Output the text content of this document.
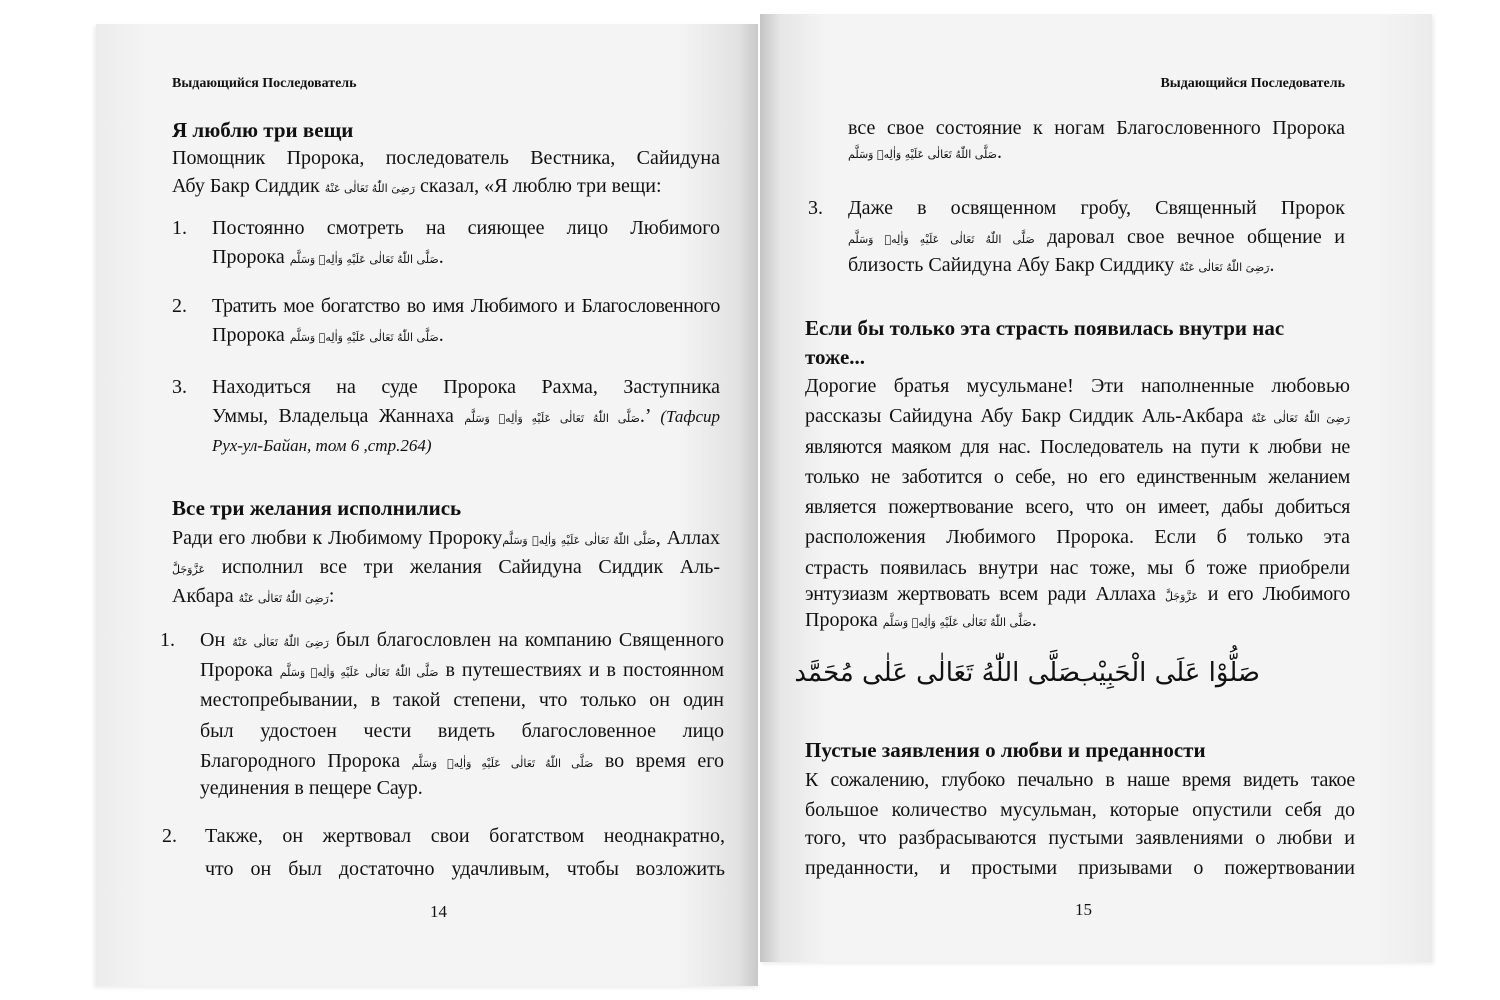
Выдающийся Последователь
Я люблю три вещи
Помощник Пророка, последователь Вестника, Сайидуна
Абу Бакр Сиддик رَضِىَ اللّٰهُ تَعَالٰى عَنْهُ сказал, «Я люблю три вещи:
1. Постоянно смотреть на сияющее лицо Любимого
Пророка صَلَّى اللّٰهُ تَعَالٰى عَلَيْهِ وَاٰلِهٖ وَسَلَّم.
2. Тратить мое богатство во имя Любимого и Благословенного
Пророка صَلَّى اللّٰهُ تَعَالٰى عَلَيْهِ وَاٰلِهٖ وَسَلَّم.
3. Находиться на суде Пророка Рахма, Заступника
Уммы, Владельца Жаннаха صَلَّى اللّٰهُ تَعَالٰى عَلَيْهِ وَاٰلِهٖ وَسَلَّم.’ (Тафсир
Рух-ул-Байан, том 6 ,стр.264)
Все три желания исполнились
Ради его любви к Любимому Пророкуصَلَّى اللّٰهُ تَعَالٰى عَلَيْهِ وَاٰلِهٖ وَسَلَّم, Аллах
عَزَّوَجَلَّ исполнил все три желания Сайидуна Сиддик Аль-
Акбара رَضِىَ اللّٰهُ تَعَالٰى عَنْهُ:
1. Он رَضِىَ اللّٰهُ تَعَالٰى عَنْهُ был благословлен на компанию Священного
Пророка صَلَّى اللّٰهُ تَعَالٰى عَلَيْهِ وَاٰلِهٖ وَسَلَّم в путешествиях и в постоянном
местопребывании, в такой степени, что только он один
был удостоен чести видеть благословенное лицо
Благородного Пророка صَلَّى اللّٰهُ تَعَالٰى عَلَيْهِ وَاٰلِهٖ وَسَلَّم во время его
уединения в пещере Саур.
2. Также, он жертвовал свои богатством неоднакратно,
что он был достаточно удачливым, чтобы возложить
14
Выдающийся Последователь
все свое состояние к ногам Благословенного Пророка
صَلَّى اللّٰهُ تَعَالٰى عَلَيْهِ وَاٰلِهٖ وَسَلَّم.
3. Даже в освященном гробу, Священный Пророк
صَلَّى اللّٰهُ تَعَالٰى عَلَيْهِ وَاٰلِهٖ وَسَلَّم даровал свое вечное общение и
близость Сайидуна Абу Бакр Сиддику رَضِىَ اللّٰهُ تَعَالٰى عَنْهُ.
Если бы только эта страсть появилась внутри нас
тоже...
Дорогие братья мусульмане! Эти наполненные любовью
рассказы Сайидуна Абу Бакр Сиддик Аль-Акбара رَضِىَ اللّٰهُ تَعَالٰى عَنْهُ
являются маяком для нас. Последователь на пути к любви не
только не заботится о себе, но его единственным желанием
является пожертвование всего, что он имеет, дабы добиться
расположения Любимого Пророка. Если б только эта
страсть появилась внутри нас тоже, мы б тоже приобрели
энтузиазм жертвовать всем ради Аллаха عَزَّوَجَلَّ и его Любимого
Пророка صَلَّى اللّٰهُ تَعَالٰى عَلَيْهِ وَاٰلِهٖ وَسَلَّم.
صَلُّوْا عَلَى الْحَبِيْب
صَلَّى اللّٰهُ تَعَالٰى عَلٰى مُحَمَّد
Пустые заявления о любви и преданности
К сожалению, глубоко печально в наше время видеть такое
большое количество мусульман, которые опустили себя до
того, что разбрасываются пустыми заявлениями о любви и
преданности, и простыми призывами о пожертвовании
15
